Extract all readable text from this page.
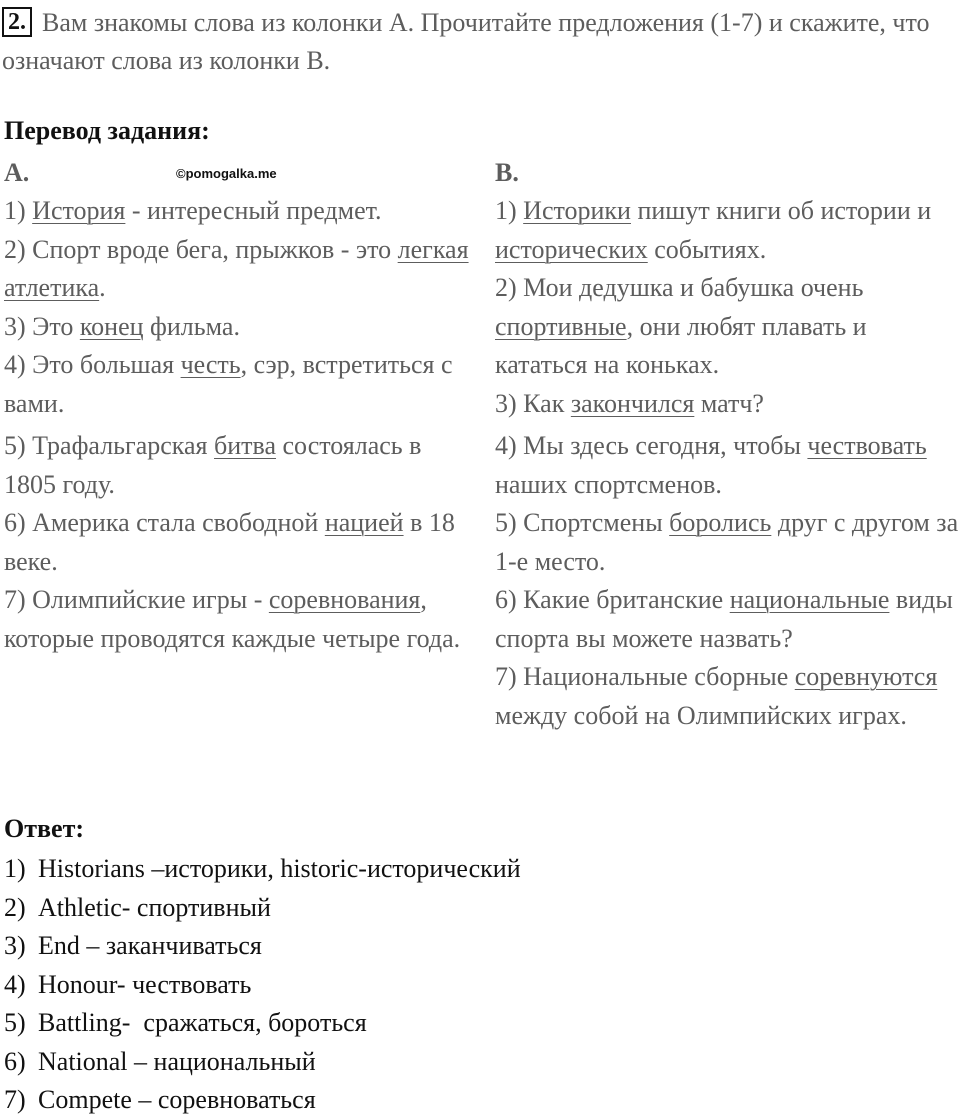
2. Вам знакомы слова из колонки А. Прочитайте предложения (1-7) и скажите, что означают слова из колонки В.
Перевод задания:
©pomogalka.me
A.

1) История - интересный предмет.

2) Спорт вроде бега, прыжков - это легкая атлетика.

3) Это конец фильма.

4) Это большая честь, сэр, встретиться с вами.

5) Трафальгарская битва состоялась в 1805 году.

6) Америка стала свободной нацией в 18 веке.

7) Олимпийские игры - соревнования, которые проводятся каждые четыре года.

B.

1) Историки пишут книги об истории и исторических событиях.

2) Мои дедушка и бабушка очень спортивные, они любят плавать и кататься на коньках.

3) Как закончился матч?

4) Мы здесь сегодня, чтобы чествовать наших спортсменов.

5) Спортсмены боролись друг с другом за 1-е место.

6) Какие британские национальные виды спорта вы можете назвать?

7) Национальные сборные соревнуются между собой на Олимпийских играх.

Ответ:
1) Historians –историки, historic-исторический
2) Athletic- спортивный
3) End – заканчиваться
4) Honour- чествовать
5) Battling-  сражаться, бороться
6) National – национальный
7) Compete – соревноваться
